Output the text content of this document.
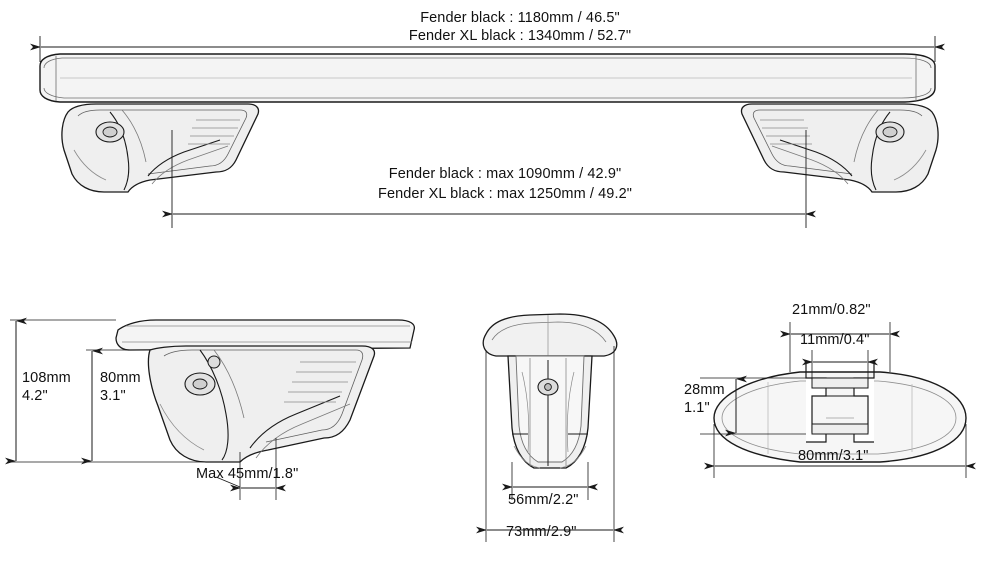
Fender black : 1180mm / 46.5"
Fender XL black : 1340mm / 52.7"
Fender black : max 1090mm / 42.9"
Fender XL black : max 1250mm / 49.2"
108mm
4.2"
80mm
3.1"
Max 45mm/1.8"
56mm/2.2"
73mm/2.9"
21mm/0.82"
11mm/0.4"
28mm
1.1"
80mm/3.1"
